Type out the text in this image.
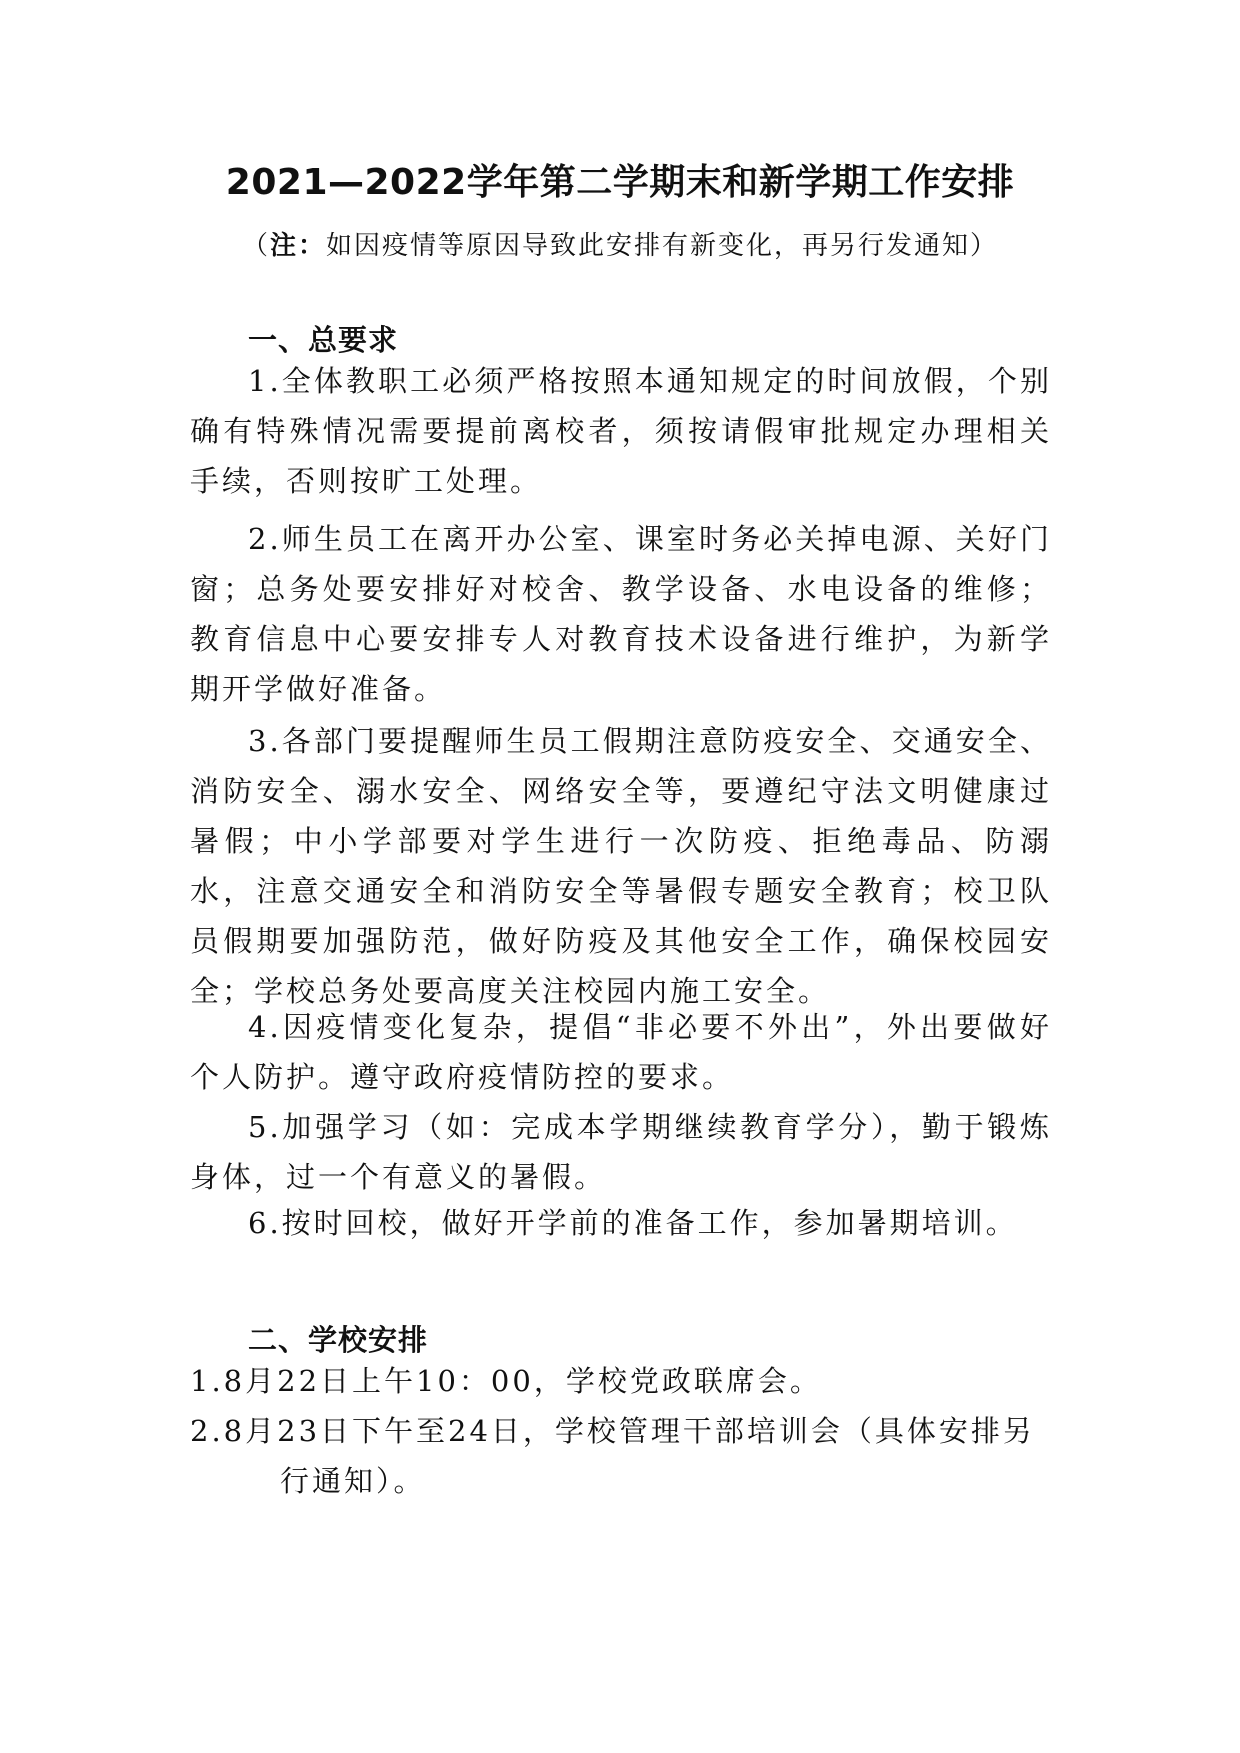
2021—2022学年第二学期末和新学期工作安排
（注：如因疫情等原因导致此安排有新变化，再另行发通知）
一、总要求

1.全体教职工必须严格按照本通知规定的时间放假，个别确有特殊情况需要提前离校者，须按请假审批规定办理相关手续，否则按旷工处理。

2.师生员工在离开办公室、课室时务必关掉电源、关好门窗；总务处要安排好对校舍、教学设备、水电设备的维修；教育信息中心要安排专人对教育技术设备进行维护，为新学期开学做好准备。

3.各部门要提醒师生员工假期注意防疫安全、交通安全、消防安全、溺水安全、网络安全等，要遵纪守法文明健康过暑假；中小学部要对学生进行一次防疫、拒绝毒品、防溺水，注意交通安全和消防安全等暑假专题安全教育；校卫队员假期要加强防范，做好防疫及其他安全工作，确保校园安全；学校总务处要高度关注校园内施工安全。

4.因疫情变化复杂，提倡“非必要不外出”，外出要做好个人防护。遵守政府疫情防控的要求。

5.加强学习（如：完成本学期继续教育学分），勤于锻炼身体，过一个有意义的暑假。

6.按时回校，做好开学前的准备工作，参加暑期培训。

二、学校安排

1.8月22日上午10：00，学校党政联席会。

2.8月23日下午至24日，学校管理干部培训会（具体安排另行通知）。
